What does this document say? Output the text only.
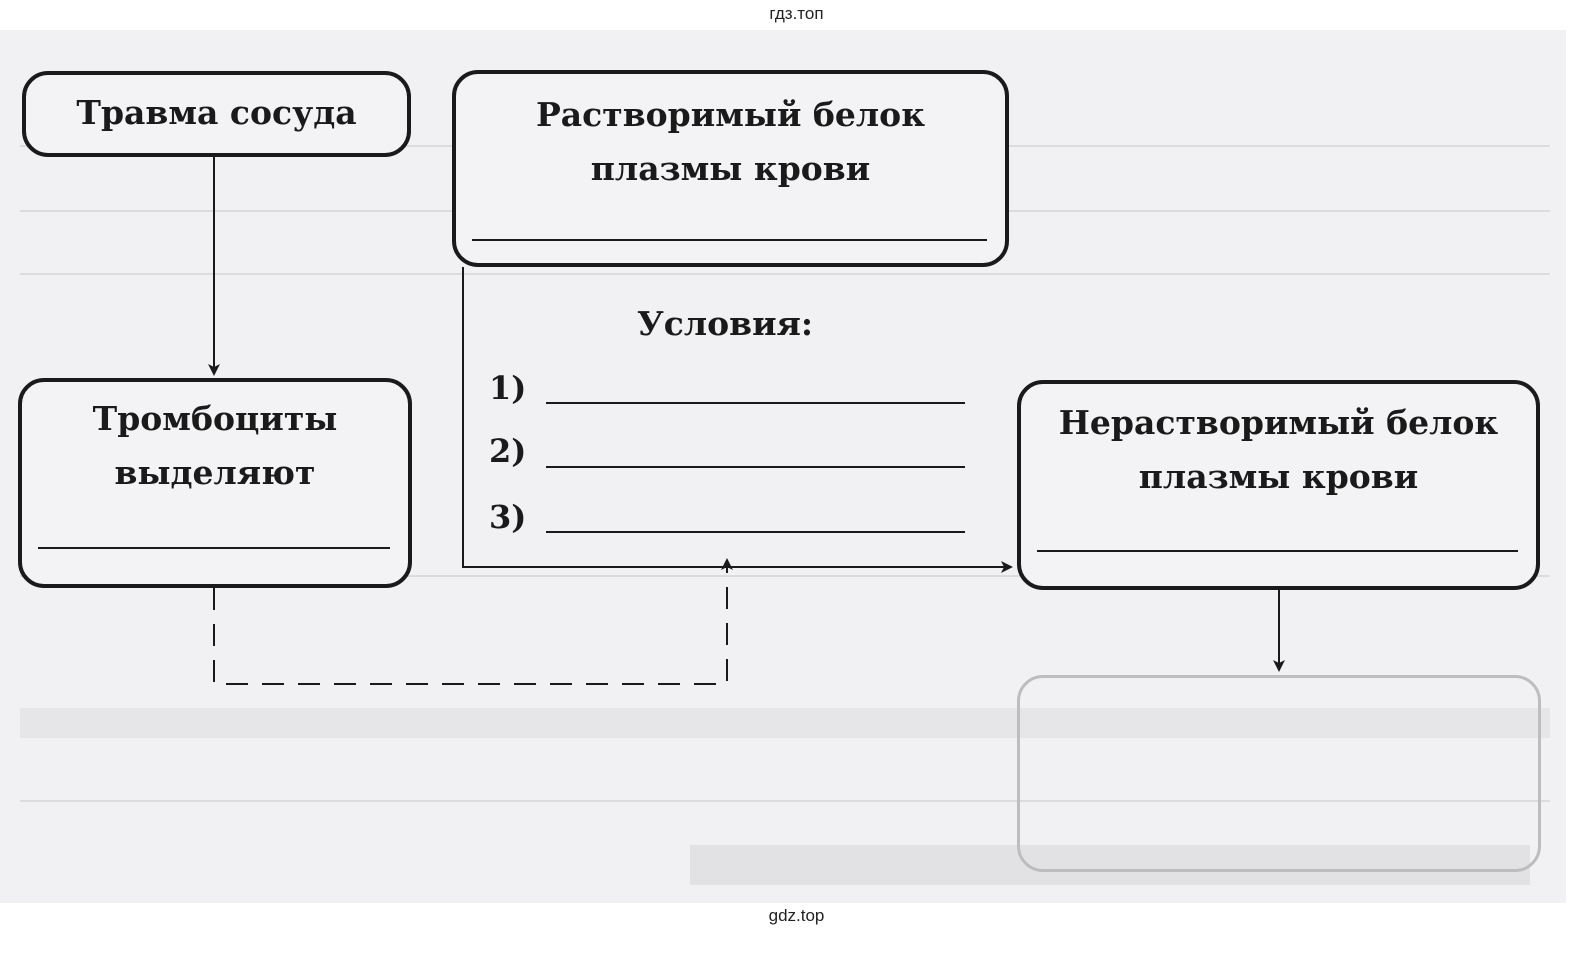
гдз.топ
Травма сосуда
Тромбоциты
выделяют
Растворимый белок
плазмы крови
Нерастворимый белок
плазмы крови
Условия:
1)
2)
3)
gdz.top
